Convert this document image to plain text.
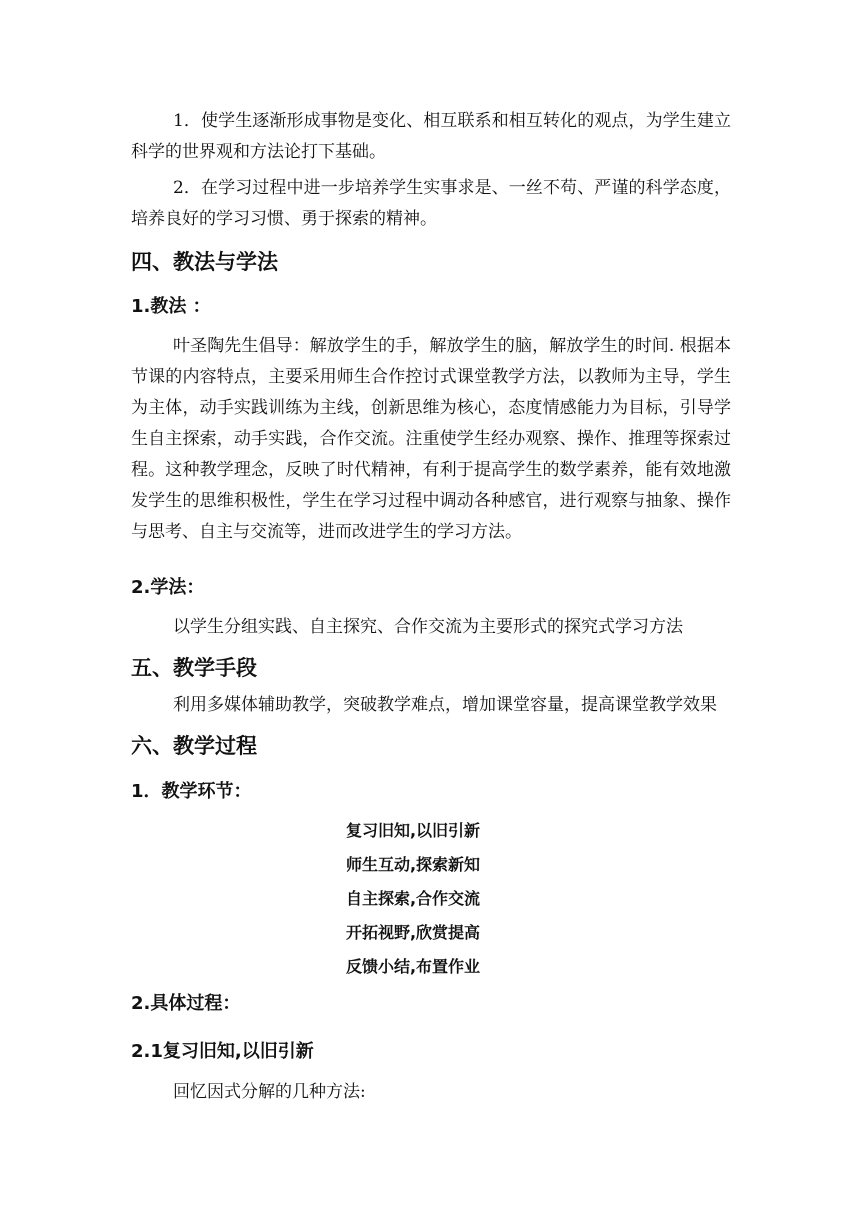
1．使学生逐渐形成事物是变化、相互联系和相互转化的观点，为学生建立科学的世界观和方法论打下基础。

2．在学习过程中进一步培养学生实事求是、一丝不苟、严谨的科学态度，培养良好的学习习惯、勇于探索的精神。

四、教法与学法
1.教法 ：

叶圣陶先生倡导：解放学生的手，解放学生的脑，解放学生的时间. 根据本节课的内容特点，主要采用师生合作控讨式课堂教学方法，以教师为主导，学生为主体，动手实践训练为主线，创新思维为核心，态度情感能力为目标，引导学生自主探索，动手实践，合作交流。注重使学生经办观察、操作、推理等探索过程。这种教学理念，反映了时代精神，有利于提高学生的数学素养，能有效地激发学生的思维积极性，学生在学习过程中调动各种感官，进行观察与抽象、操作与思考、自主与交流等，进而改进学生的学习方法。

2.学法：

以学生分组实践、自主探究、合作交流为主要形式的探究式学习方法

五、教学手段

利用多媒体辅助教学，突破教学难点，增加课堂容量，提高课堂教学效果

六、教学过程
1．教学环节：
复习旧知,以旧引新
师生互动,探索新知
自主探索,合作交流
开拓视野,欣赏提高
反馈小结,布置作业
2.具体过程：
2.1复习旧知,以旧引新

回忆因式分解的几种方法:
